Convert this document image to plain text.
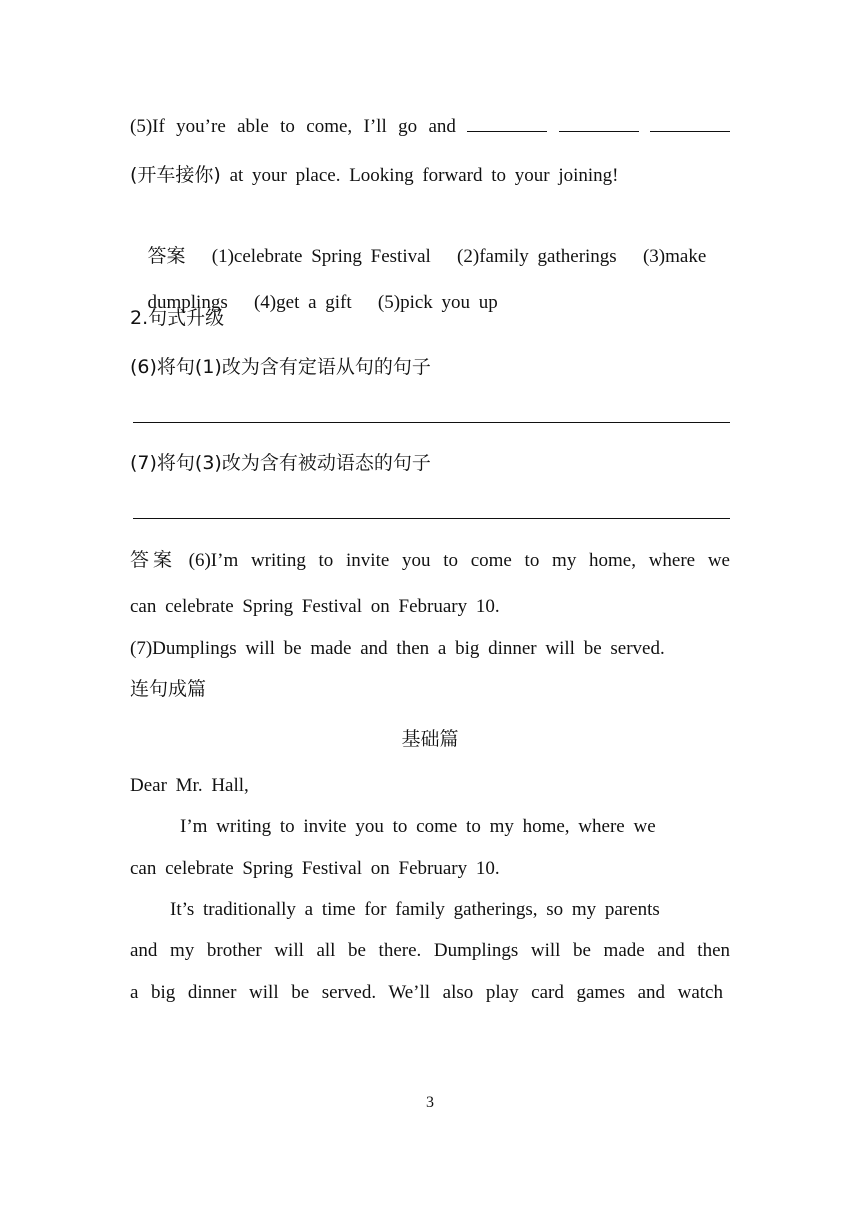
(5)If you’re able to come, I’ll go and
(开车接你) at your place. Looking forward to your joining!

答案 (1)celebrate Spring Festival   (2)family gatherings   (3)make

dumplings   (4)get a gift   (5)pick you up

2.句式升级
(6)将句(1)改为含有定语从句的句子
(7)将句(3)改为含有被动语态的句子
答案 (6)I’m writing to invite you to come to my home, where we
can celebrate Spring Festival on February 10.
(7)Dumplings will be made and then a big dinner will be served.
连句成篇
基础篇
Dear Mr. Hall,
I’m writing to invite you to come to my home, where we
can celebrate Spring Festival on February 10.
It’s traditionally a time for family gatherings, so my parents
and my brother will all be there. Dumplings will be made and then
a big dinner will be served. We’ll also play card games and watch
3
